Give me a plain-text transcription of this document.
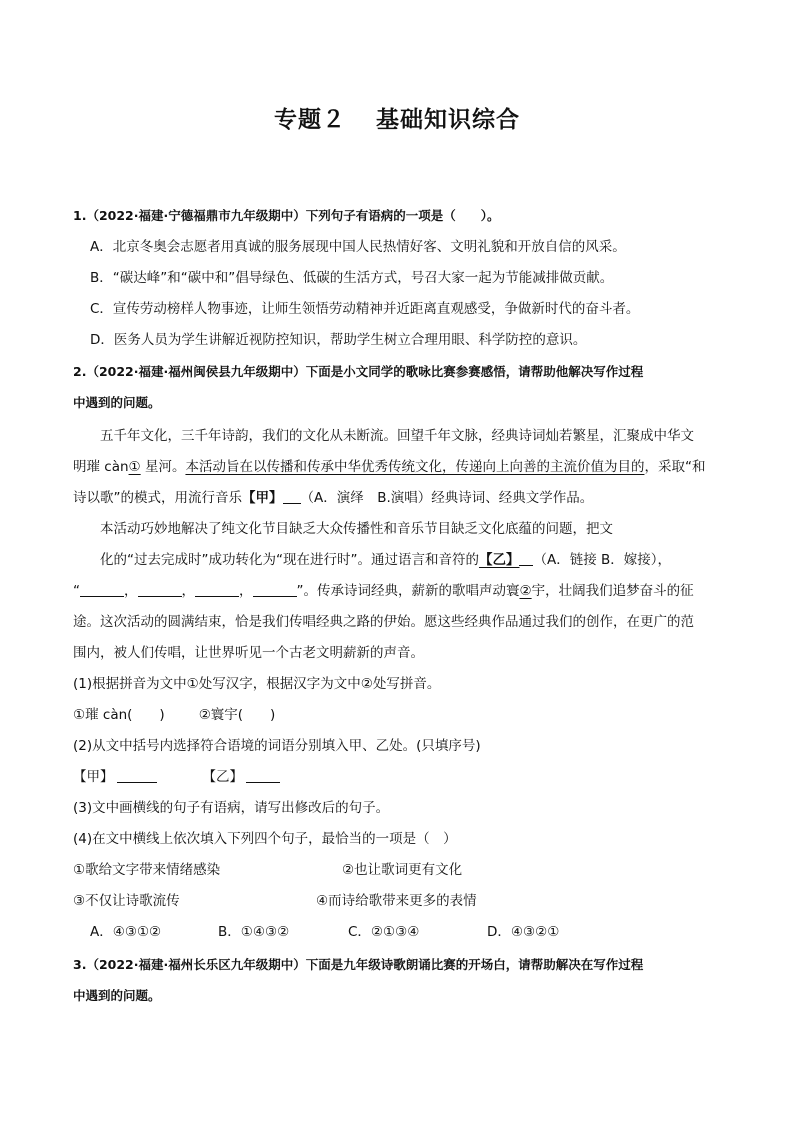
专题２ 基础知识综合
1.（2022·福建·宁德福鼎市九年级期中）下列句子有语病的一项是（　　）。
A．北京冬奥会志愿者用真诚的服务展现中国人民热情好客、文明礼貌和开放自信的风采。
B．“碳达峰”和“碳中和”倡导绿色、低碳的生活方式，号召大家一起为节能减排做贡献。
C．宣传劳动榜样人物事迹，让师生领悟劳动精神并近距离直观感受，争做新时代的奋斗者。
D．医务人员为学生讲解近视防控知识，帮助学生树立合理用眼、科学防控的意识。
2.（2022·福建·福州闽侯县九年级期中）下面是小文同学的歌咏比赛参赛感悟，请帮助他解决写作过程
中遇到的问题。
五千年文化，三千年诗韵，我们的文化从未断流。回望千年文脉，经典诗词灿若繁星，汇聚成中华文
明璀 càn① 星河。本活动旨在以传播和传承中华优秀传统文化，传递向上向善的主流价值为目的，采取“和
诗以歌”的模式，用流行音乐【甲】 （A．演绎　B.演唱）经典诗词、经典文学作品。
本活动巧妙地解决了纯文化节目缺乏大众传播性和音乐节目缺乏文化底蕴的问题，把文
化的“过去完成时”成功转化为“现在进行时”。通过语言和音符的【乙】 （A．链接 B．嫁接），
“	，	，	，	”。传承诗词经典，薪新的歌唱声动寰②宇，壮阔我们追梦奋斗的征
途。这次活动的圆满结束，恰是我们传唱经典之路的伊始。愿这些经典作品通过我们的创作，在更广的范
围内，被人们传唱，让世界听见一个古老文明薪新的声音。
(1)根据拼音为文中①处写汉字，根据汉字为文中②处写拼音。
①璀 càn(　　)	②寰宇(　　)
(2)从文中括号内选择符合语境的词语分别填入甲、乙处。(只填序号)
【甲】	【乙】
(3)文中画横线的句子有语病，请写出修改后的句子。
(4)在文中横线上依次填入下列四个句子，最恰当的一项是（　）
①歌给文字带来情绪感染	②也让歌词更有文化
③不仅让诗歌流传	④而诗给歌带来更多的表情
A．④③①②	B．①④③②	C．②①③④	D．④③②①
3.（2022·福建·福州长乐区九年级期中）下面是九年级诗歌朗诵比赛的开场白，请帮助解决在写作过程
中遇到的问题。
